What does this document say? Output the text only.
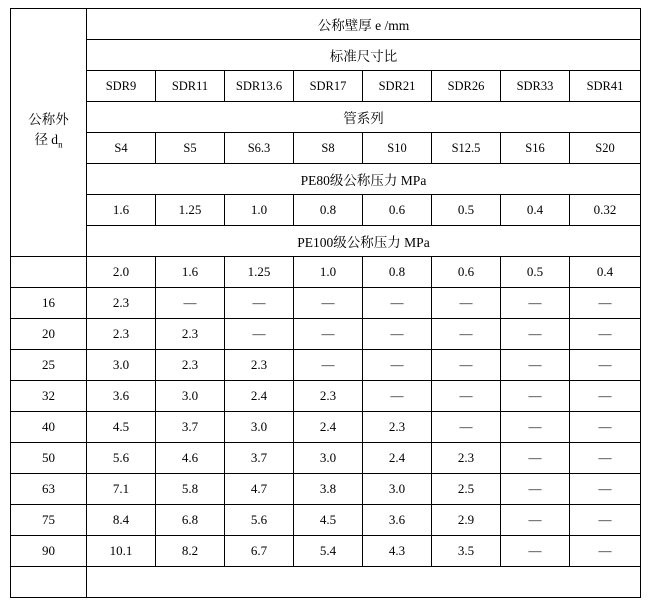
公称外
径 $d_n$	公称壁厚 e /mm							
	标准尺寸比							
	SDR9	SDR11	SDR13.6	SDR17	SDR21	SDR26	SDR33	SDR41
	管系列							
	S4	S5	S6.3	S8	S10	S12.5	S16	S20
	PE80级公称压力 MPa							
	1.6	1.25	1.0	0.8	0.6	0.5	0.4	0.32
	PE100级公称压力 MPa							
	2.0	1.6	1.25	1.0	0.8	0.6	0.5	0.4
16	2.3	—	—	—	—	—	—	—
20	2.3	2.3	—	—	—	—	—	—
25	3.0	2.3	2.3	—	—	—	—	—
32	3.6	3.0	2.4	2.3	—	—	—	—
40	4.5	3.7	3.0	2.4	2.3	—	—	—
50	5.6	4.6	3.7	3.0	2.4	2.3	—	—
63	7.1	5.8	4.7	3.8	3.0	2.5	—	—
75	8.4	6.8	5.6	4.5	3.6	2.9	—	—
90	10.1	8.2	6.7	5.4	4.3	3.5	—	—
